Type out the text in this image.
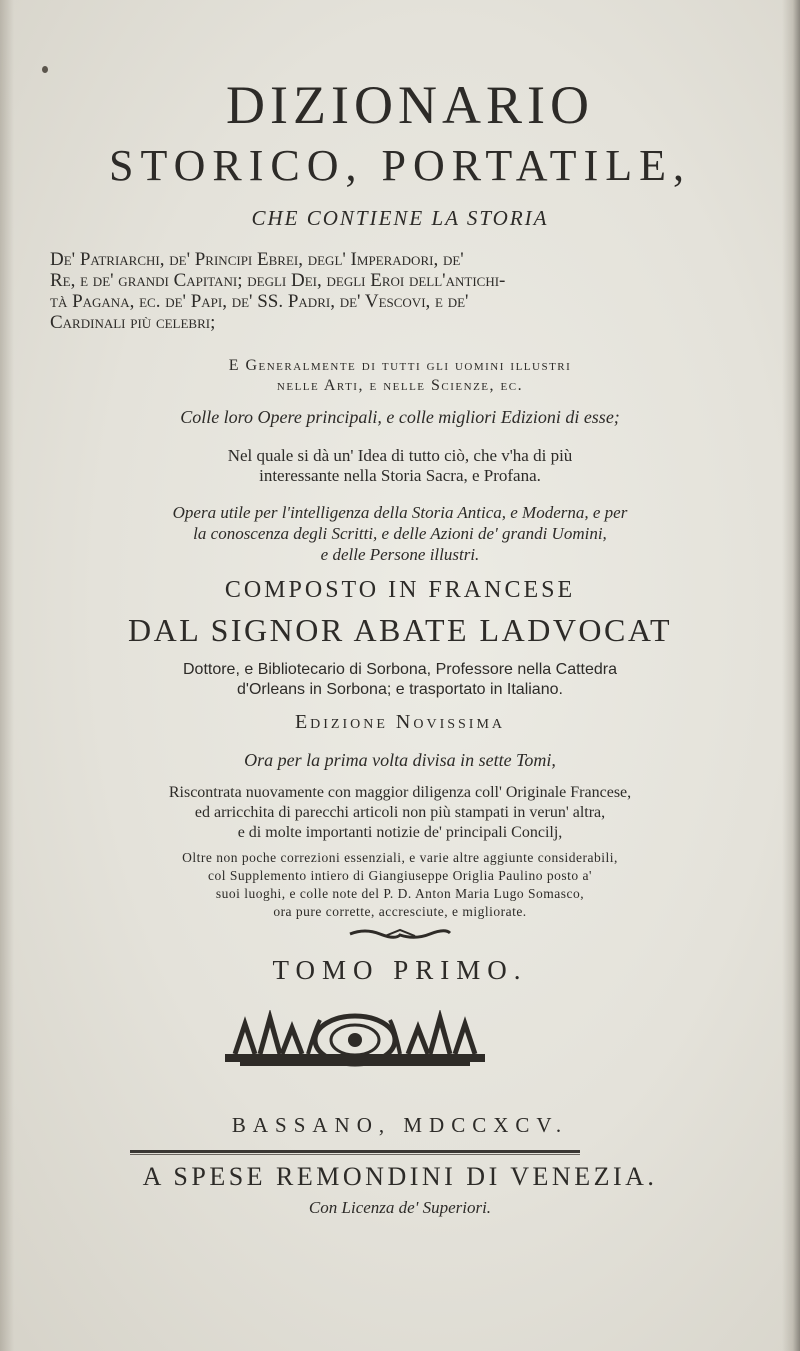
DIZIONARIO
STORICO, PORTATILE,
CHE CONTIENE LA STORIA
De' Patriarchi, de' Principi Ebrei, degl' Imperadori, de'
Re, e de' grandi Capitani; degli Dei, degli Eroi dell'antichi-
tà Pagana, ec. de' Papi, de' SS. Padri, de' Vescovi, e de'
Cardinali più celebri;
E Generalmente di tutti gli uomini illustri
nelle Arti, e nelle Scienze, ec.
Colle loro Opere principali, e colle migliori Edizioni di esse;
Nel quale si dà un' Idea di tutto ciò, che v'ha di più
interessante nella Storia Sacra, e Profana.
Opera utile per l'intelligenza della Storia Antica, e Moderna, e per
la conoscenza degli Scritti, e delle Azioni de' grandi Uomini,
e delle Persone illustri.
COMPOSTO IN FRANCESE
DAL SIGNOR ABATE LADVOCAT
Dottore, e Bibliotecario di Sorbona, Professore nella Cattedra
d'Orleans in Sorbona; e trasportato in Italiano.
Edizione Novissima
Ora per la prima volta divisa in sette Tomi,
Riscontrata nuovamente con maggior diligenza coll' Originale Francese,
ed arricchita di parecchi articoli non più stampati in verun' altra,
e di molte importanti notizie de' principali Concilj,
Oltre non poche correzioni essenziali, e varie altre aggiunte considerabili,
col Supplemento intiero di Giangiuseppe Origlia Paulino posto a'
suoi luoghi, e colle note del P. D. Anton Maria Lugo Somasco,
ora pure corrette, accresciute, e migliorate.
TOMO PRIMO.
BASSANO, MDCCXCV.
A SPESE REMONDINI DI VENEZIA.
Con Licenza de' Superiori.
